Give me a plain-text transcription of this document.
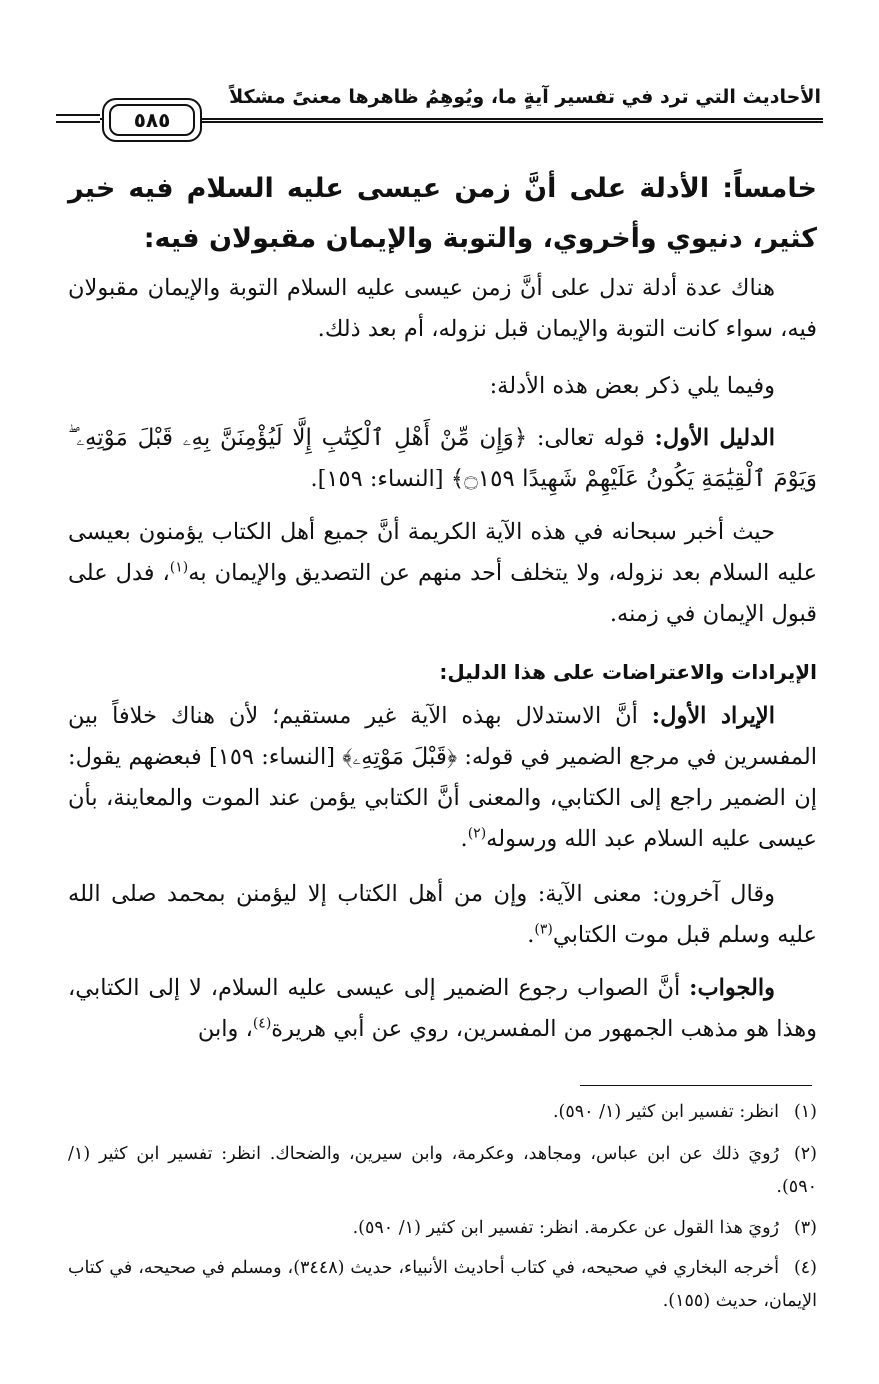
الأحاديث التي ترد في تفسير آيةٍ ما، ويُوهِمُ ظاهرها معنىً مشكلاً
٥٨٥
خامساً: الأدلة على أنَّ زمن عيسى عليه السلام فيه خير كثير، دنيوي وأخروي، والتوبة والإيمان مقبولان فيه:
هناك عدة أدلة تدل على أنَّ زمن عيسى عليه السلام التوبة والإيمان مقبولان فيه، سواء كانت التوبة والإيمان قبل نزوله، أم بعد ذلك.
وفيما يلي ذكر بعض هذه الأدلة:
الدليل الأول: قوله تعالى: ﴿وَإِن مِّنْ أَهْلِ ٱلْكِتَٰبِ إِلَّا لَيُؤْمِنَنَّ بِهِۦ قَبْلَ مَوْتِهِۦ ۖ وَيَوْمَ ٱلْقِيَٰمَةِ يَكُونُ عَلَيْهِمْ شَهِيدًا ۝١٥٩﴾ [النساء: ١٥٩].
حيث أخبر سبحانه في هذه الآية الكريمة أنَّ جميع أهل الكتاب يؤمنون بعيسى عليه السلام بعد نزوله، ولا يتخلف أحد منهم عن التصديق والإيمان به$^{(١)}$، فدل على قبول الإيمان في زمنه.
الإيرادات والاعتراضات على هذا الدليل:
الإيراد الأول: أنَّ الاستدلال بهذه الآية غير مستقيم؛ لأن هناك خلافاً بين المفسرين في مرجع الضمير في قوله: ﴿قَبْلَ مَوْتِهِۦ﴾ [النساء: ١٥٩] فبعضهم يقول: إن الضمير راجع إلى الكتابي، والمعنى أنَّ الكتابي يؤمن عند الموت والمعاينة، بأن عيسى عليه السلام عبد الله ورسوله$^{(٢)}$.
وقال آخرون: معنى الآية: وإن من أهل الكتاب إلا ليؤمنن بمحمد صلى الله عليه وسلم قبل موت الكتابي$^{(٣)}$.
والجواب: أنَّ الصواب رجوع الضمير إلى عيسى عليه السلام، لا إلى الكتابي، وهذا هو مذهب الجمهور من المفسرين، روي عن أبي هريرة$^{(٤)}$، وابن
(١)انظر: تفسير ابن كثير (١/ ٥٩٠).
(٢)رُويَ ذلك عن ابن عباس، ومجاهد، وعكرمة، وابن سيرين، والضحاك. انظر: تفسير ابن كثير (١/ ٥٩٠).
(٣)رُويَ هذا القول عن عكرمة. انظر: تفسير ابن كثير (١/ ٥٩٠).
(٤)أخرجه البخاري في صحيحه، في كتاب أحاديث الأنبياء، حديث (٣٤٤٨)، ومسلم في صحيحه، في كتاب الإيمان، حديث (١٥٥).
